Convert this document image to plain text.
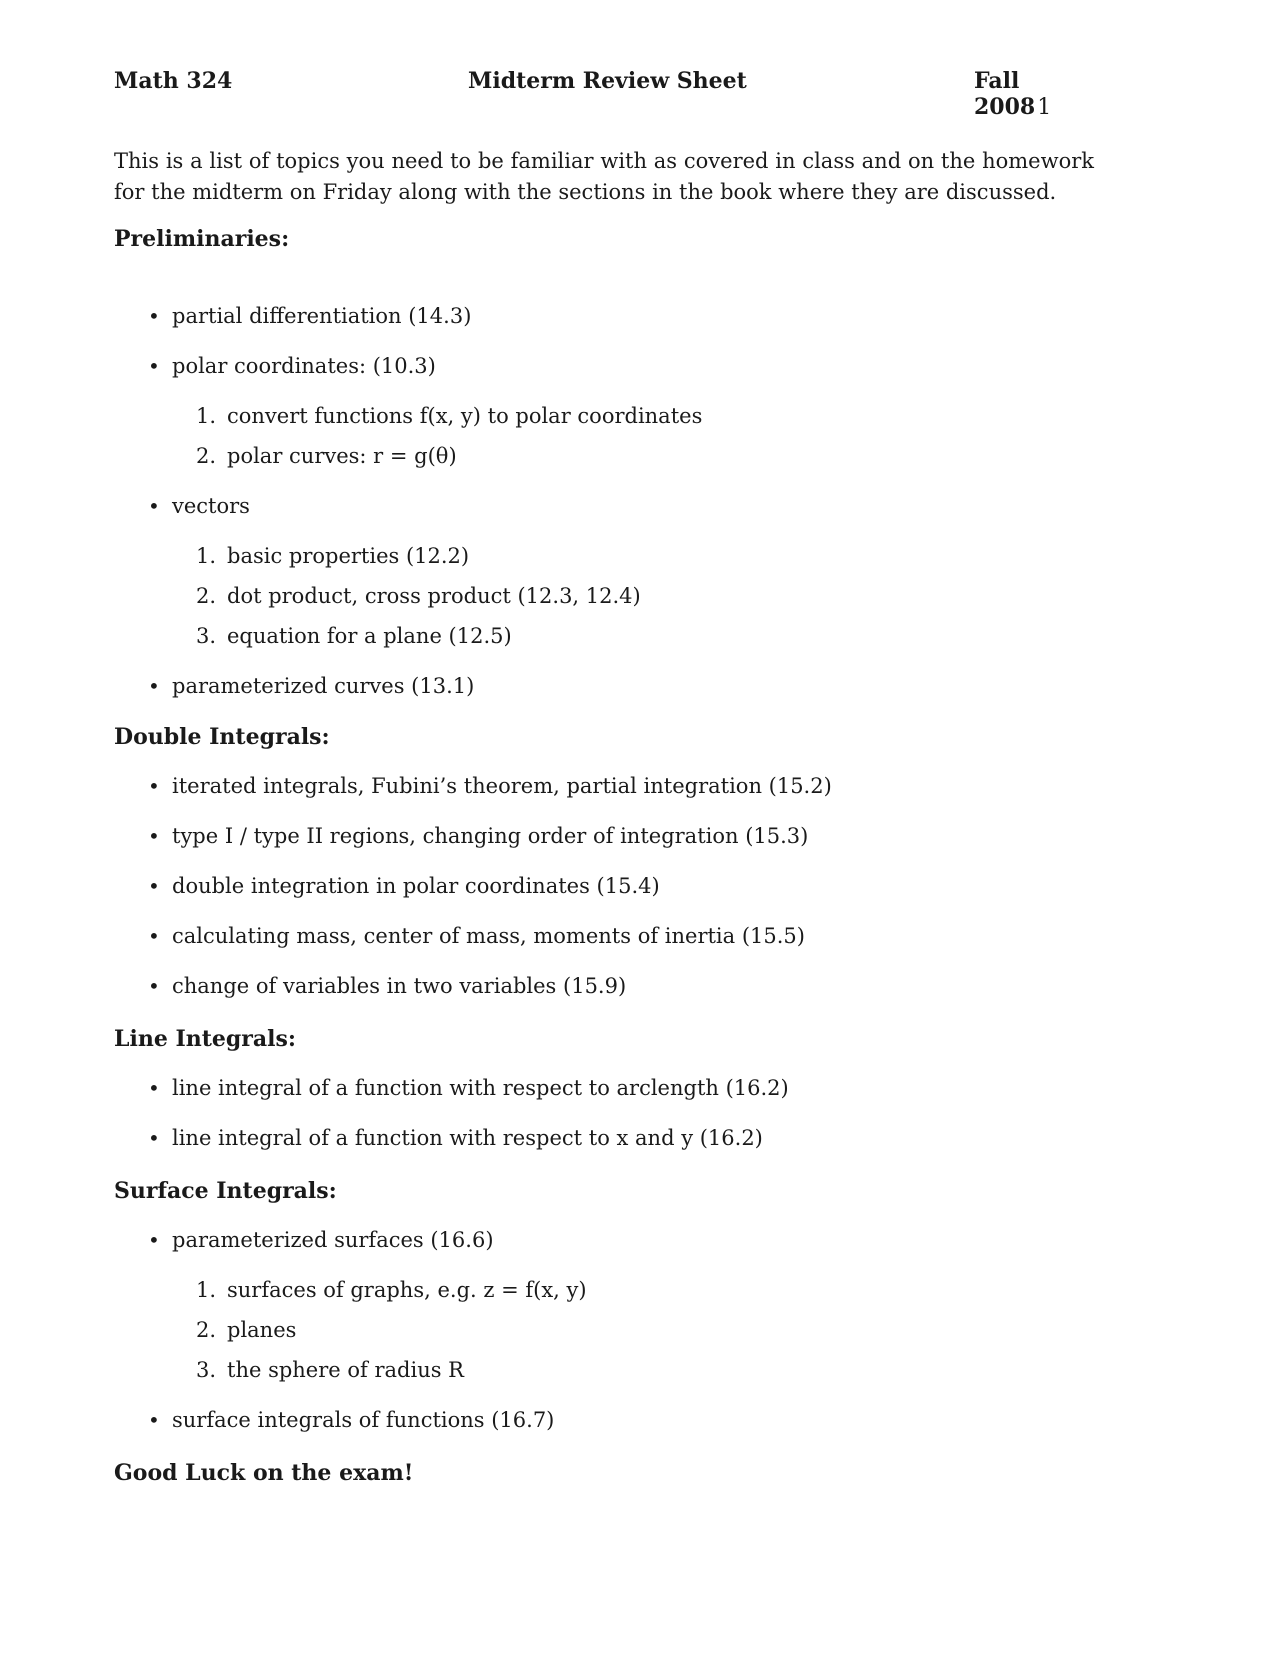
Math 324	Midterm Review Sheet	Fall 20081
This is a list of topics you need to be familiar with as covered in class and on the homework for the midterm on Friday along with the sections in the book where they are discussed.
Preliminaries:
• partial differentiation (14.3)
• polar coordinates: (10.3)
1. convert functions f(x, y) to polar coordinates
2. polar curves: r = g(θ)
• vectors
1. basic properties (12.2)
2. dot product, cross product (12.3, 12.4)
3. equation for a plane (12.5)
• parameterized curves (13.1)
Double Integrals:
• iterated integrals, Fubini’s theorem, partial integration (15.2)
• type I / type II regions, changing order of integration (15.3)
• double integration in polar coordinates (15.4)
• calculating mass, center of mass, moments of inertia (15.5)
• change of variables in two variables (15.9)
Line Integrals:
• line integral of a function with respect to arclength (16.2)
• line integral of a function with respect to x and y (16.2)
Surface Integrals:
• parameterized surfaces (16.6)
1. surfaces of graphs, e.g. z = f(x, y)
2. planes
3. the sphere of radius R
• surface integrals of functions (16.7)
Good Luck on the exam!
